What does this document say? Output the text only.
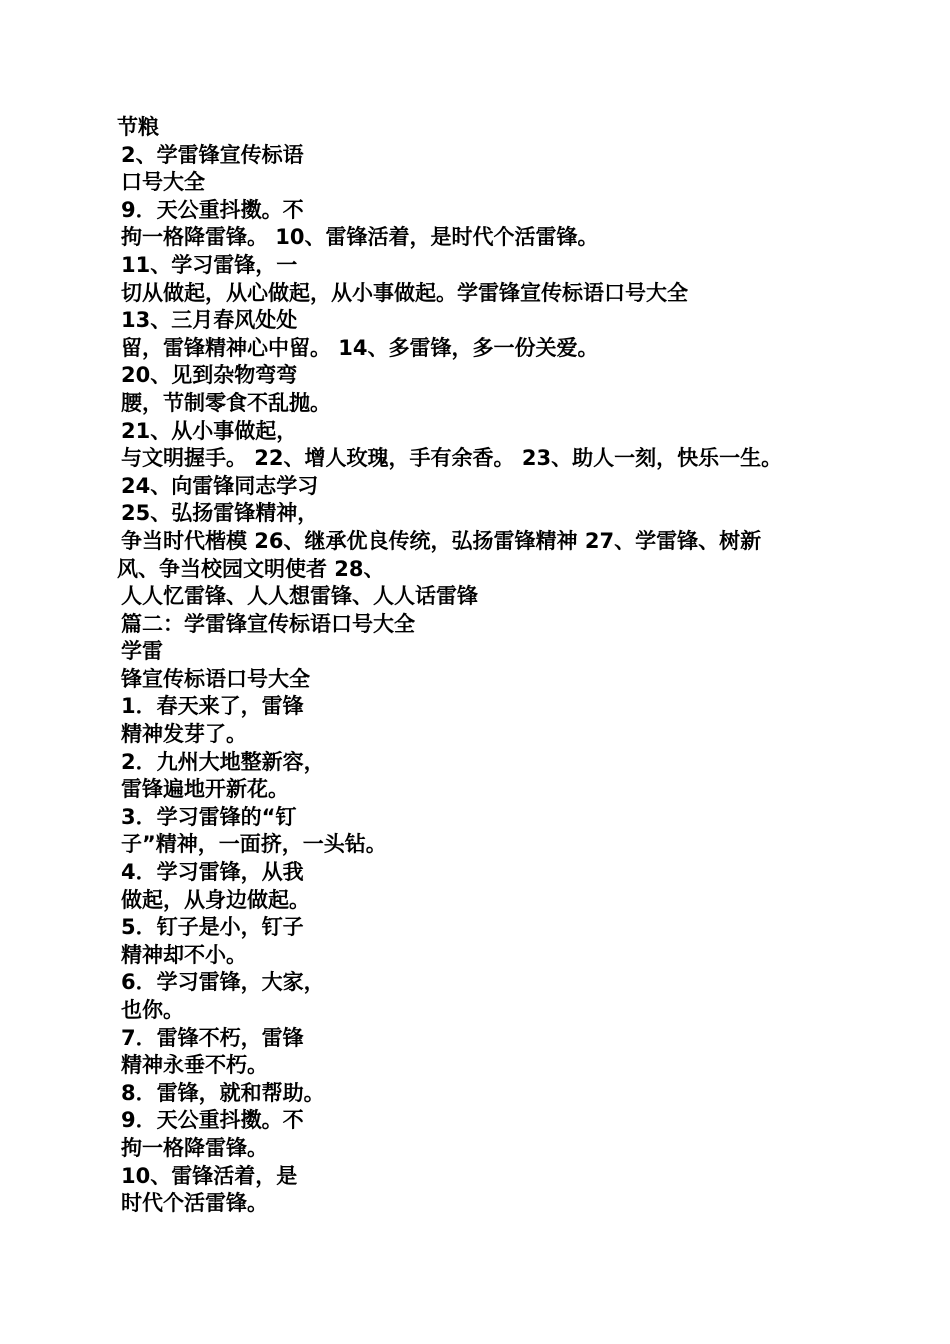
节粮
2、学雷锋宣传标语
口号大全
9．天公重抖擞。不
拘一格降雷锋。 10、雷锋活着，是时代个活雷锋。
11、学习雷锋，一
切从做起，从心做起，从小事做起。学雷锋宣传标语口号大全
13、三月春风处处
留，雷锋精神心中留。 14、多雷锋，多一份关爱。
20、见到杂物弯弯
腰，节制零食不乱抛。
21、从小事做起，
与文明握手。 22、增人玫瑰，手有余香。 23、助人一刻，快乐一生。
24、向雷锋同志学习
25、弘扬雷锋精神，
争当时代楷模 26、继承优良传统，弘扬雷锋精神 27、学雷锋、树新
风、争当校园文明使者 28、
人人忆雷锋、人人想雷锋、人人话雷锋
篇二：学雷锋宣传标语口号大全
学雷
锋宣传标语口号大全
1．春天来了，雷锋
精神发芽了。
2．九州大地整新容，
雷锋遍地开新花。
3．学习雷锋的“钉
子”精神，一面挤，一头钻。
4．学习雷锋，从我
做起，从身边做起。
5．钉子是小，钉子
精神却不小。
6．学习雷锋，大家，
也你。
7．雷锋不朽，雷锋
精神永垂不朽。
8．雷锋，就和帮助。
9．天公重抖擞。不
拘一格降雷锋。
10、雷锋活着，是
时代个活雷锋。
